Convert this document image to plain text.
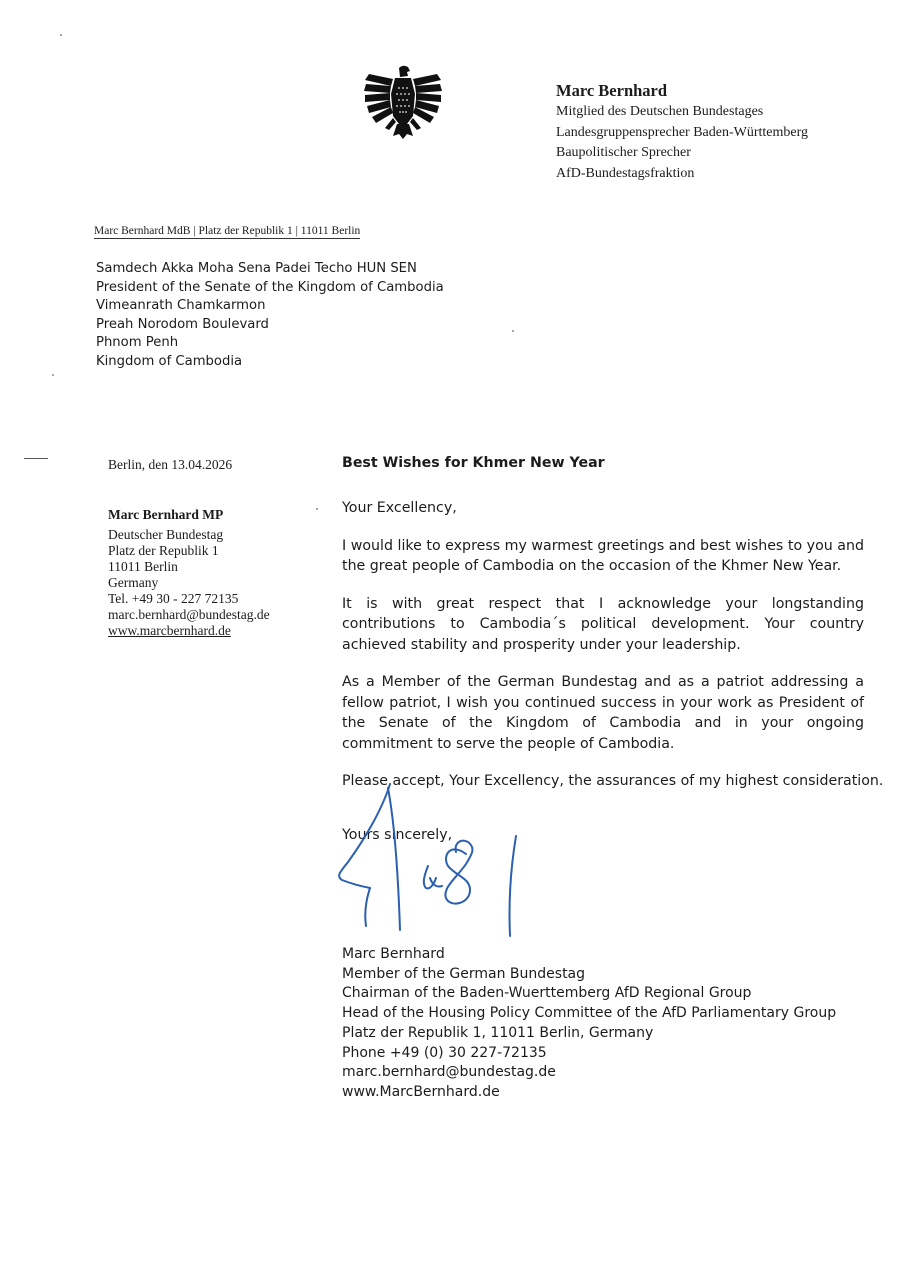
Marc Bernhard
Mitglied des Deutschen Bundestages
Landesgruppensprecher Baden-Württemberg
Baupolitischer Sprecher
AfD-Bundestagsfraktion
Marc Bernhard MdB | Platz der Republik 1 | 11011 Berlin
Samdech Akka Moha Sena Padei Techo HUN SEN
President of the Senate of the Kingdom of Cambodia
Vimeanrath Chamkarmon
Preah Norodom Boulevard
Phnom Penh
Kingdom of Cambodia
Berlin, den 13.04.2026
Marc Bernhard MP
Deutscher Bundestag
Platz der Republik 1
11011 Berlin
Germany
Tel. +49 30 - 227 72135
marc.bernhard@bundestag.de
www.marcbernhard.de
Best Wishes for Khmer New Year

Your Excellency,

I would like to express my warmest greetings and best wishes to you and the great people of Cambodia on the occasion of the Khmer New Year.

It is with great respect that I acknowledge your longstanding contributions to Cambodia´s political development. Your country achieved stability and prosperity under your leadership.

As a Member of the German Bundestag and as a patriot addressing a fellow patriot, I wish you continued success in your work as President of the Senate of the Kingdom of Cambodia and in your ongoing commitment to serve the people of Cambodia.

Please accept, Your Excellency, the assurances of my highest consideration.

Yours sincerely,

Marc Bernhard
Member of the German Bundestag
Chairman of the Baden-Wuerttemberg AfD Regional Group
Head of the Housing Policy Committee of the AfD Parliamentary Group
Platz der Republik 1, 11011 Berlin, Germany
Phone +49 (0) 30 227-72135
marc.bernhard@bundestag.de
www.MarcBernhard.de
